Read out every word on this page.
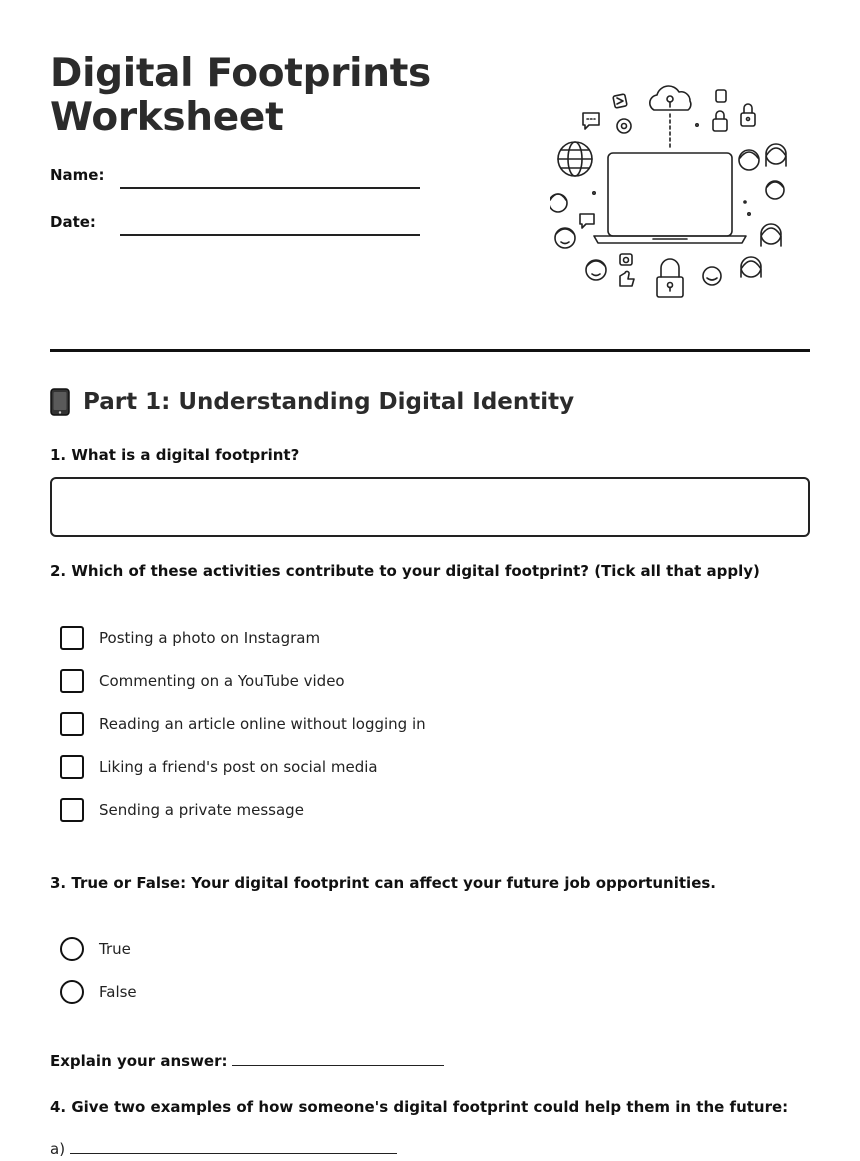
Digital Footprints
Worksheet
Name:
Date:
Part 1: Understanding Digital Identity
1. What is a digital footprint?
2. Which of these activities contribute to your digital footprint? (Tick all that apply)
Posting a photo on Instagram
Commenting on a YouTube video
Reading an article online without logging in
Liking a friend's post on social media
Sending a private message
3. True or False: Your digital footprint can affect your future job opportunities.
True
False
Explain your answer:
4. Give two examples of how someone's digital footprint could help them in the future:
a)
